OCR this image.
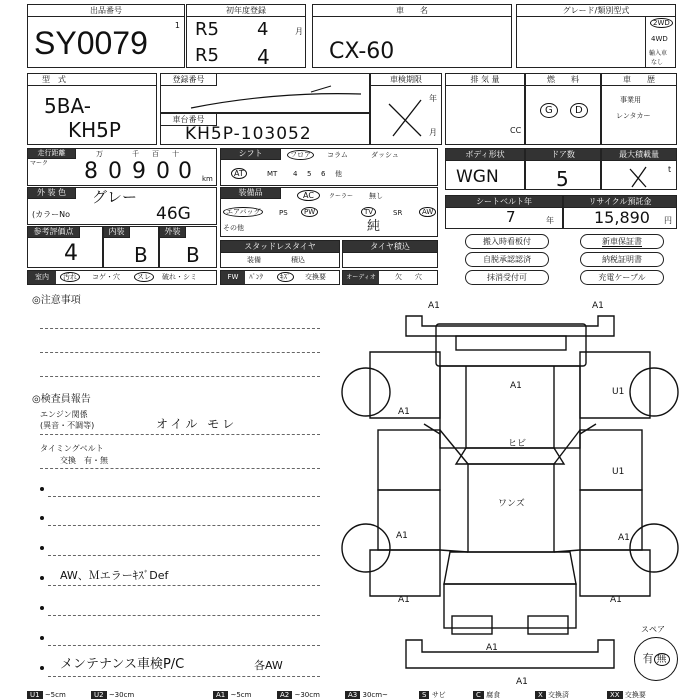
出品番号
SY0079	1
初年度登録
R5 4	月
R5 4
車　　名
CX-60
グレード/類別型式
2WD
4WD
輸入車
なし
型　式
5BA-
KH5P
登録番号	車検期限
年
月
車台番号
KH5P-103052
排 気 量
CC
燃　　料
G	D
車　　歴
事業用
レンタカー
走行距離
マーク
万	千 百 十
8 0 9 0 0 km
シフト	フロア	コラム	ダッシュ
AT	MT 4 5 6 他
ボディ形状
WGN
ドア数
5
最大積載量
t
外 装 色	グレー
(カラーNo	46G
装備品	AC	クーラー 無し
エアバッグ	PS	PW	TV	SR	AW
その他	純
シートベルト年
7	年
リサイクル預託金
15,890 円
参考評価点
4
内装
B
外装
B	スタッドレスタイヤ
装備	積込
タイヤ積込
搬入時看板付	新車保証書
自脱承認認済	納税証明書
抹消受付可	充電ケーブル
室内	汚れ	コゲ・穴	スレ	破れ・シミ	FW	ﾊﾟﾝｸ	ｷｽﾞ	交換要	オーディオ	欠 穴
◎注意事項
◎検査員報告
エンジン関係
(異音・不調等)	オイル モレ
タイミングベルト
交換　有・無
AW、ＭエラーｷｽﾞDef
メンテナンス車検P/C	各AW
A1	A1
A1
A1
U1
U1
A1	A1
A1	A1
A1
A1
ヒビ
ワンズ
スペア
有 無
U1 ~5cm	U2 ~30cm	A1 ~5cm	A2 ~30cm	A3 30cm~	S サビ	C 腐食	X 交換済	XX 交換要
